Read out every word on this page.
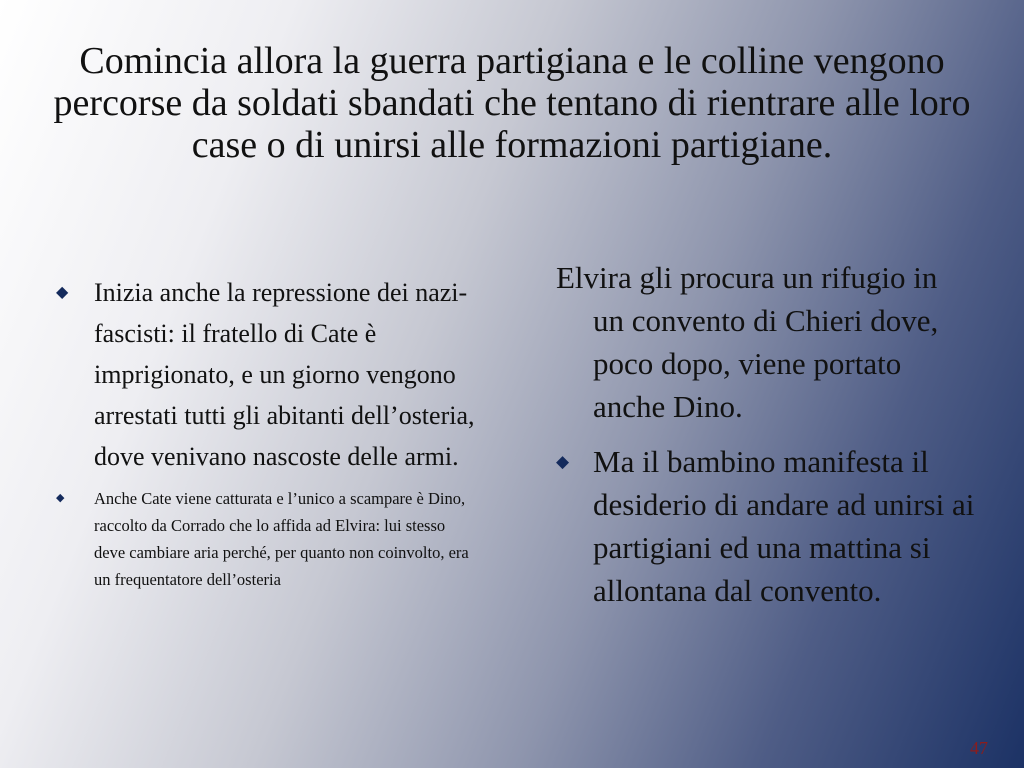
Comincia allora la guerra partigiana e le colline vengono percorse da soldati sbandati che tentano di rientrare alle loro case o di unirsi alle formazioni partigiane.
◆ Inizia anche la repressione dei nazi-fascisti: il fratello di Cate è imprigionato, e un giorno vengono arrestati tutti gli abitanti dell’osteria, dove venivano nascoste delle armi.
◆ Anche Cate viene catturata e l’unico a scampare è Dino, raccolto da Corrado che lo affida ad Elvira: lui stesso deve cambiare aria perché, per quanto non coinvolto, era un frequentatore dell’osteria

Elvira gli procura un rifugio in un convento di Chieri dove, poco dopo, viene portato anche Dino.

◆ Ma il bambino manifesta il desiderio di andare ad unirsi ai partigiani ed una mattina si allontana dal convento.
47
